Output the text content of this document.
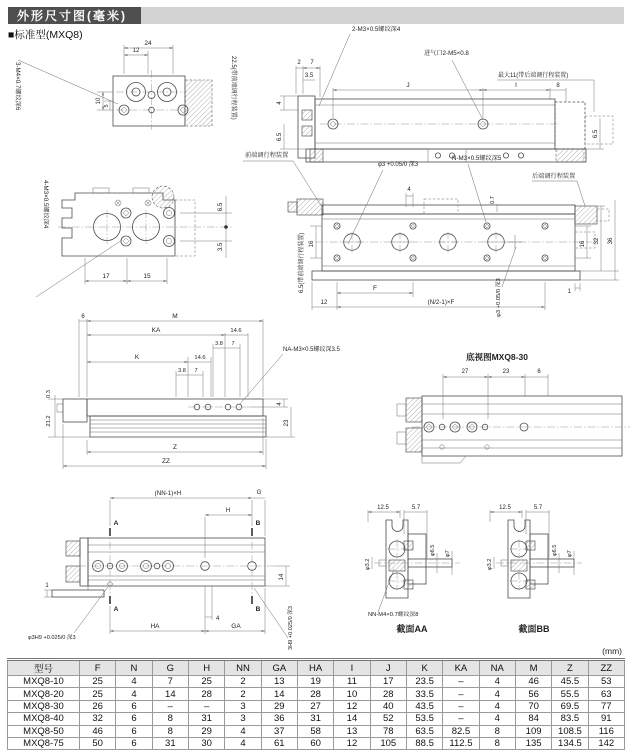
外形尺寸图(毫米)
■标准型(MXQ8)
24
12
10
5
3-M4×0.7螺纹深6
2-M3×0.5螺纹深4
进气口2-M5×0.8
最大11(带后端调行程装置)
2 7
3.5
4
6.5
22.5(带前端调行程装置)	J	I	8
6.5
4-M3×0.5螺纹深4	6.5
3.5
17	15
前端调行程装置
φ3 +0.05/0 深3
N-M3×0.5螺纹深5
后端调行程装置
4
0.7
6.5(带前端调行程装置) 16	16 32 36
1
12
F
(N/2-1)×F	φ3 +0.05/0 深3
6	M
KA	14.6
3.8 7
K	14.6
3.8 7
NA-M3×0.5螺纹深3.5
0.3
21.2
4
23
Z
ZZ
底视图MXQ8-30
27	23	6
(NN-1)×H	G
H
A
A
B
B
1
14
4
HA	GA
φ3H9 +0.025/0 深3	3H9 +0.025/0 深3
12.5	5.7
φ3.2
φ6.5 φ7
NN-M4×0.7螺纹深8
截面AA
12.5	5.7
φ3.2
φ6.5 φ7
截面BB
(mm)
型号	F	N	G	H	NN	GA	HA	I	J	K	KA	NA	M	Z	ZZ
MXQ8-10	25	4	7	25	2	13	19	11	17	23.5	–	4	46	45.5	53
MXQ8-20	25	4	14	28	2	14	28	10	28	33.5	–	4	56	55.5	63
MXQ8-30	26	6	–	–	3	29	27	12	40	43.5	–	4	70	69.5	77
MXQ8-40	32	6	8	31	3	36	31	14	52	53.5	–	4	84	83.5	91
MXQ8-50	46	6	8	29	4	37	58	13	78	63.5	82.5	8	109	108.5	116
MXQ8-75	50	6	31	30	4	61	60	12	105	88.5	112.5	8	135	134.5	142
